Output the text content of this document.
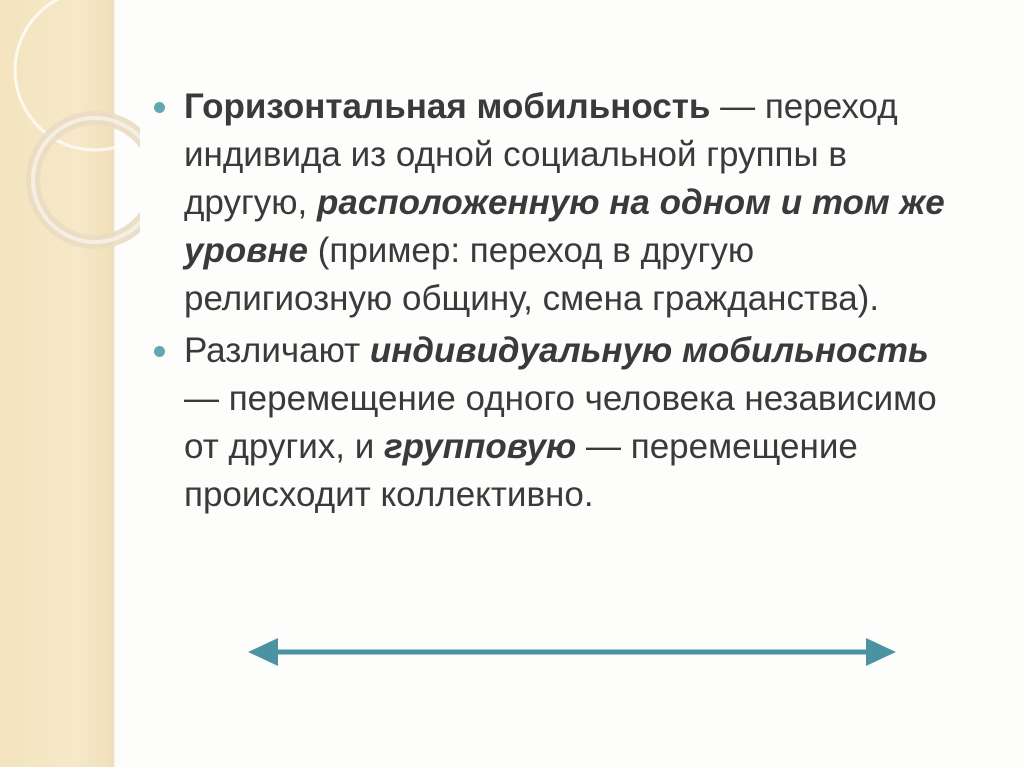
Горизонтальная мобильность — переход индивида из одной социальной группы в другую, расположенную на одном и том же уровне (пример: переход в другую религиозную общину, смена гражданства).
Различают индивидуальную мобильность — перемещение одного человека независимо от других, и групповую — перемещение происходит коллективно.
